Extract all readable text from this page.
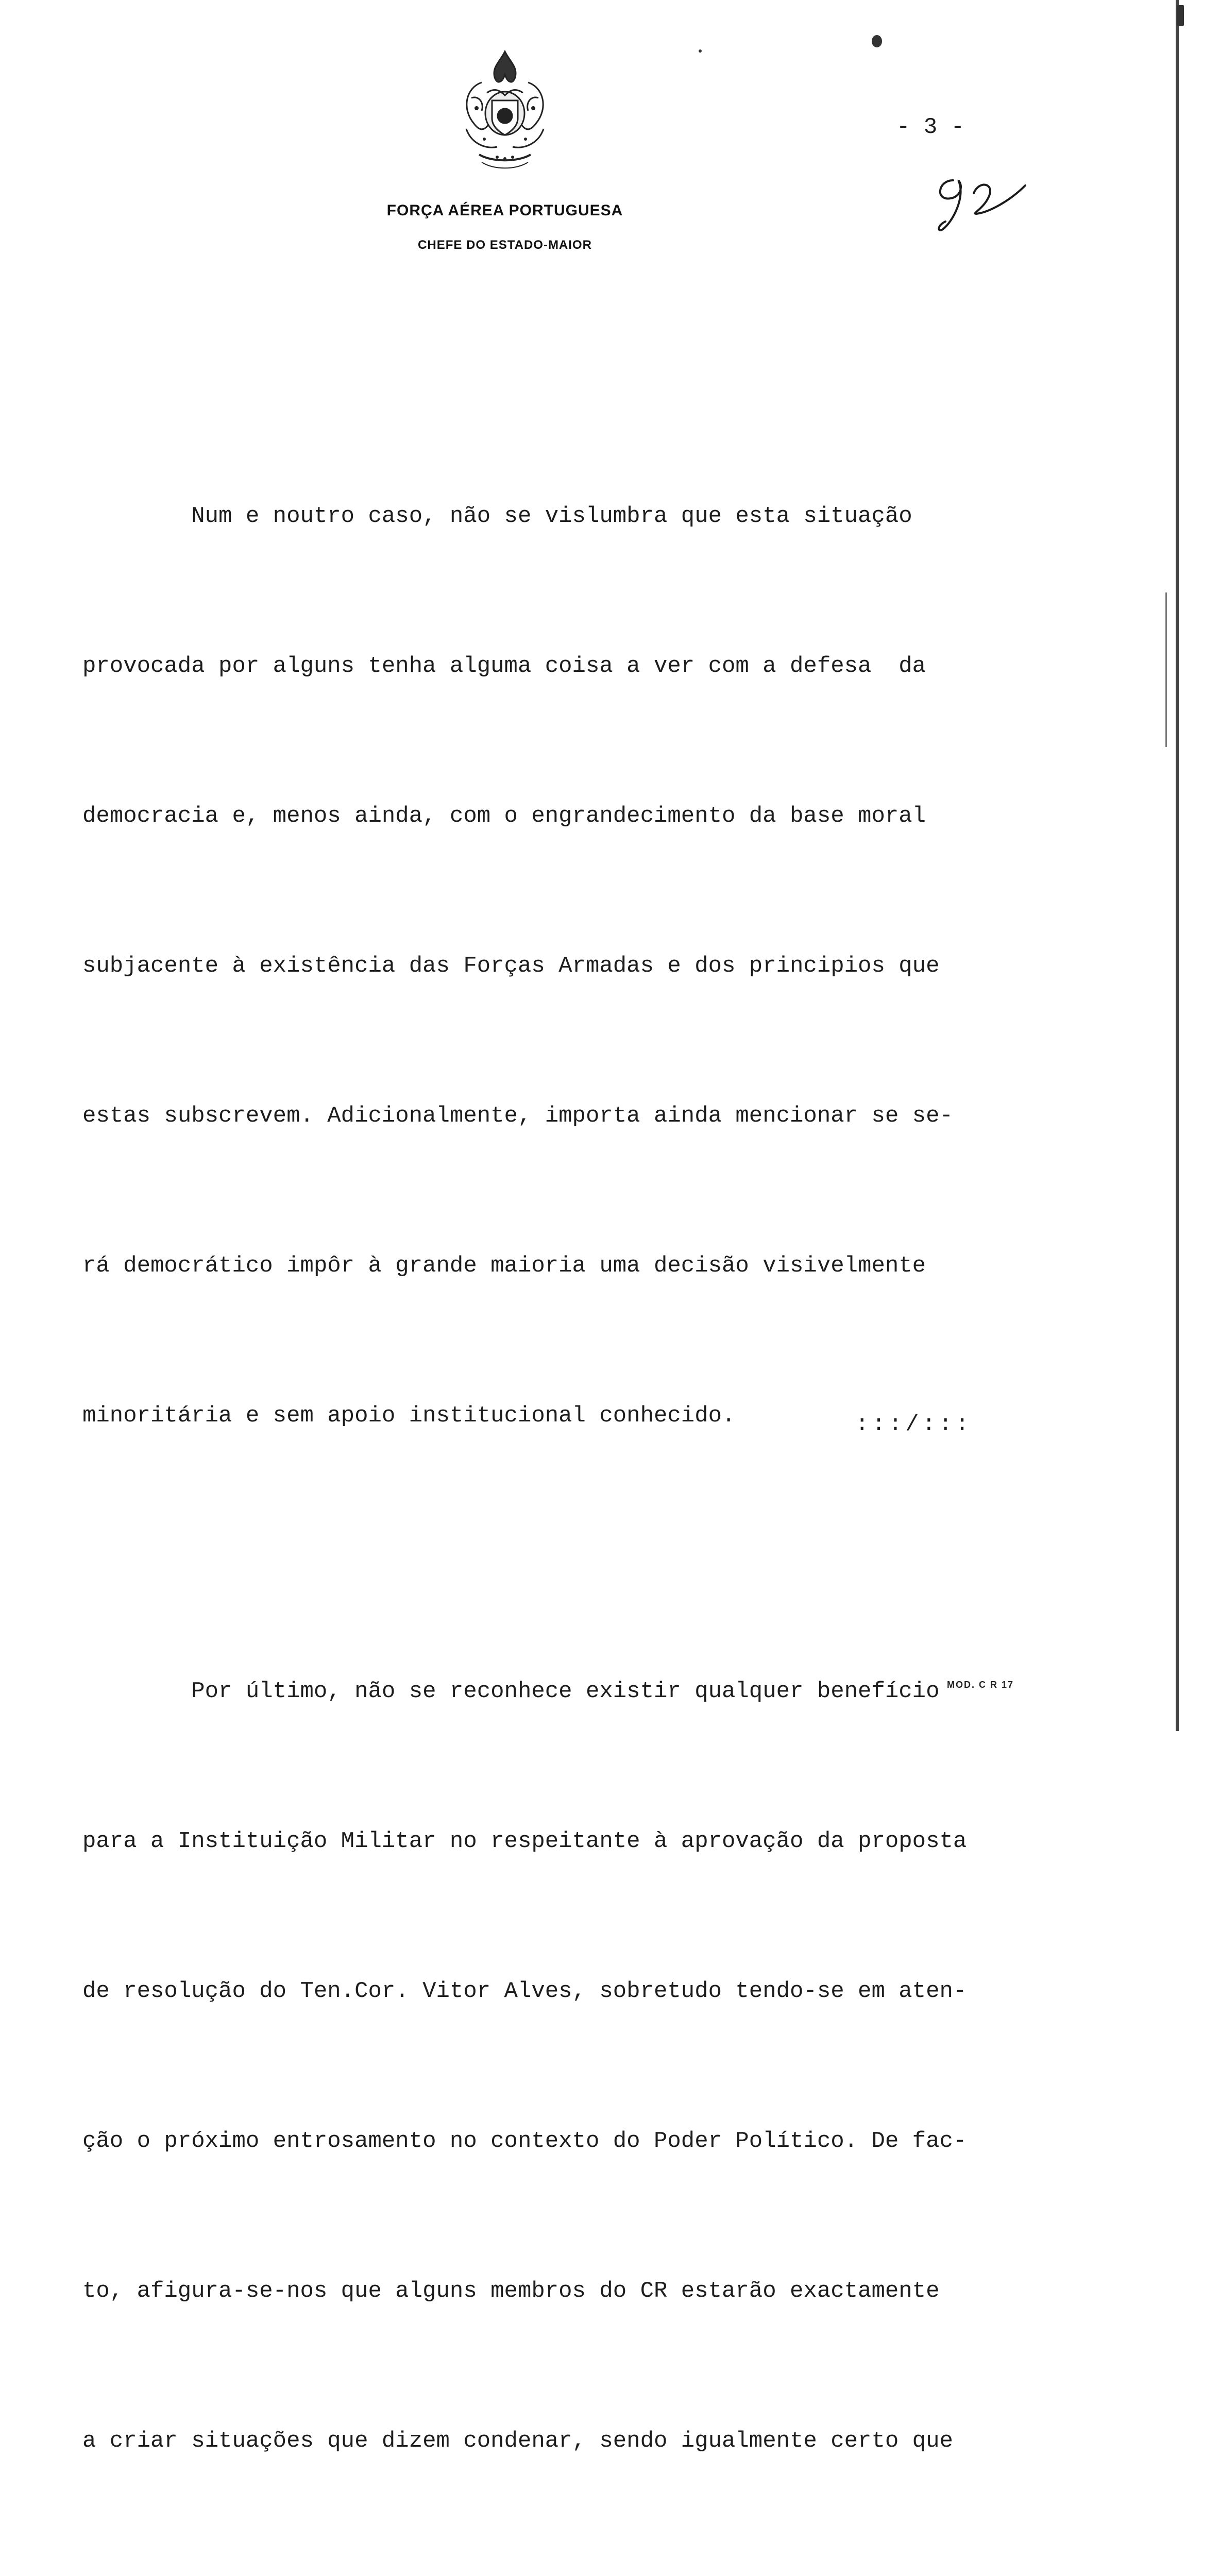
FORÇA AÉREA PORTUGUESA
CHEFE DO ESTADO-MAIOR
- 3 -

Num e noutro caso, não se vislumbra que esta situação

provocada por alguns tenha alguma coisa a ver com a defesa  da

democracia e, menos ainda, com o engrandecimento da base moral

subjacente à existência das Forças Armadas e dos principios que

estas subscrevem. Adicionalmente, importa ainda mencionar se se-

rá democrático impôr à grande maioria uma decisão visivelmente

minoritária e sem apoio institucional conhecido.

Por último, não se reconhece existir qualquer benefício

para a Instituição Militar no respeitante à aprovação da proposta

de resolução do Ten.Cor. Vitor Alves, sobretudo tendo-se em aten-

ção o próximo entrosamento no contexto do Poder Político. De fac-

to, afigura-se-nos que alguns membros do CR estarão exactamente

a criar situações que dizem condenar, sendo igualmente certo que

:::/:::
MOD. C R 17
